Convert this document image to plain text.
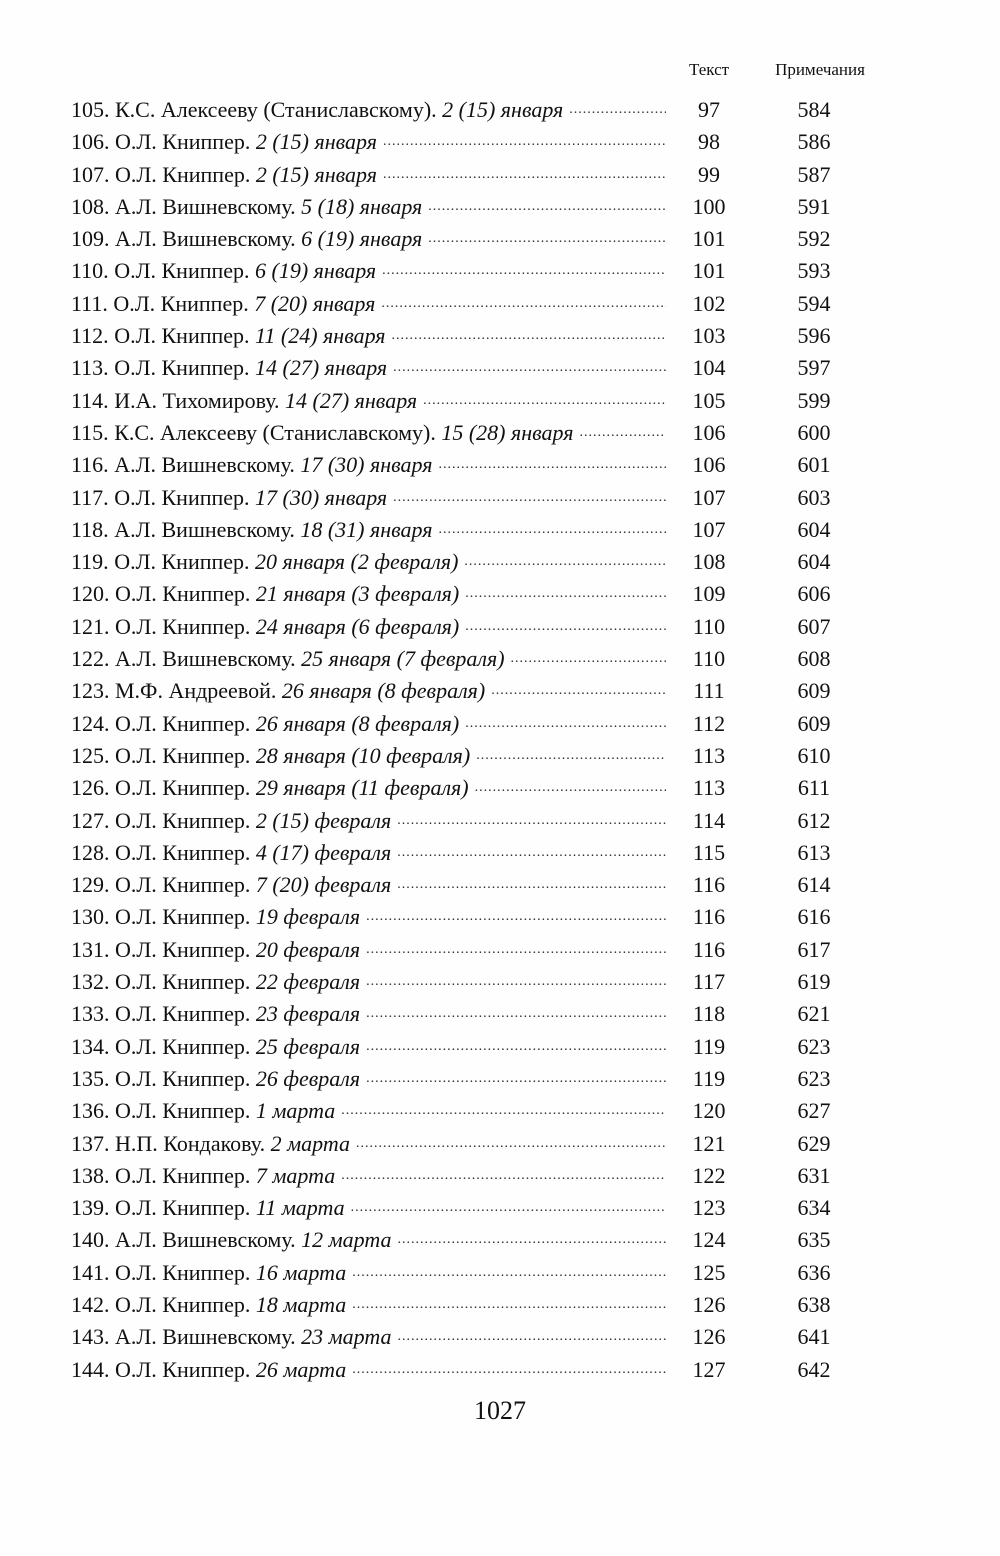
Текст	Примечания
105. К.С. Алексееву (Станиславскому). 2 (15) января .....	97	584
106. О.Л. Книппер. 2 (15) января .....	98	586
107. О.Л. Книппер. 2 (15) января .....	99	587
108. А.Л. Вишневскому. 5 (18) января .....	100	591
109. А.Л. Вишневскому. 6 (19) января .....	101	592
110. О.Л. Книппер. 6 (19) января .....	101	593
111. О.Л. Книппер. 7 (20) января .....	102	594
112. О.Л. Книппер. 11 (24) января .....	103	596
113. О.Л. Книппер. 14 (27) января .....	104	597
114. И.А. Тихомирову. 14 (27) января .....	105	599
115. К.С. Алексееву (Станиславскому). 15 (28) января .....	106	600
116. А.Л. Вишневскому. 17 (30) января .....	106	601
117. О.Л. Книппер. 17 (30) января .....	107	603
118. А.Л. Вишневскому. 18 (31) января .....	107	604
119. О.Л. Книппер. 20 января (2 февраля) .....	108	604
120. О.Л. Книппер. 21 января (3 февраля) .....	109	606
121. О.Л. Книппер. 24 января (6 февраля) .....	110	607
122. А.Л. Вишневскому. 25 января (7 февраля) .....	110	608
123. М.Ф. Андреевой. 26 января (8 февраля) .....	111	609
124. О.Л. Книппер. 26 января (8 февраля) .....	112	609
125. О.Л. Книппер. 28 января (10 февраля) .....	113	610
126. О.Л. Книппер. 29 января (11 февраля) .....	113	611
127. О.Л. Книппер. 2 (15) февраля .....	114	612
128. О.Л. Книппер. 4 (17) февраля .....	115	613
129. О.Л. Книппер. 7 (20) февраля .....	116	614
130. О.Л. Книппер. 19 февраля .....	116	616
131. О.Л. Книппер. 20 февраля .....	116	617
132. О.Л. Книппер. 22 февраля .....	117	619
133. О.Л. Книппер. 23 февраля .....	118	621
134. О.Л. Книппер. 25 февраля .....	119	623
135. О.Л. Книппер. 26 февраля .....	119	623
136. О.Л. Книппер. 1 марта .....	120	627
137. Н.П. Кондакову. 2 марта .....	121	629
138. О.Л. Книппер. 7 марта .....	122	631
139. О.Л. Книппер. 11 марта .....	123	634
140. А.Л. Вишневскому. 12 марта .....	124	635
141. О.Л. Книппер. 16 марта .....	125	636
142. О.Л. Книппер. 18 марта .....	126	638
143. А.Л. Вишневскому. 23 марта .....	126	641
144. О.Л. Книппер. 26 марта .....	127	642
1027
